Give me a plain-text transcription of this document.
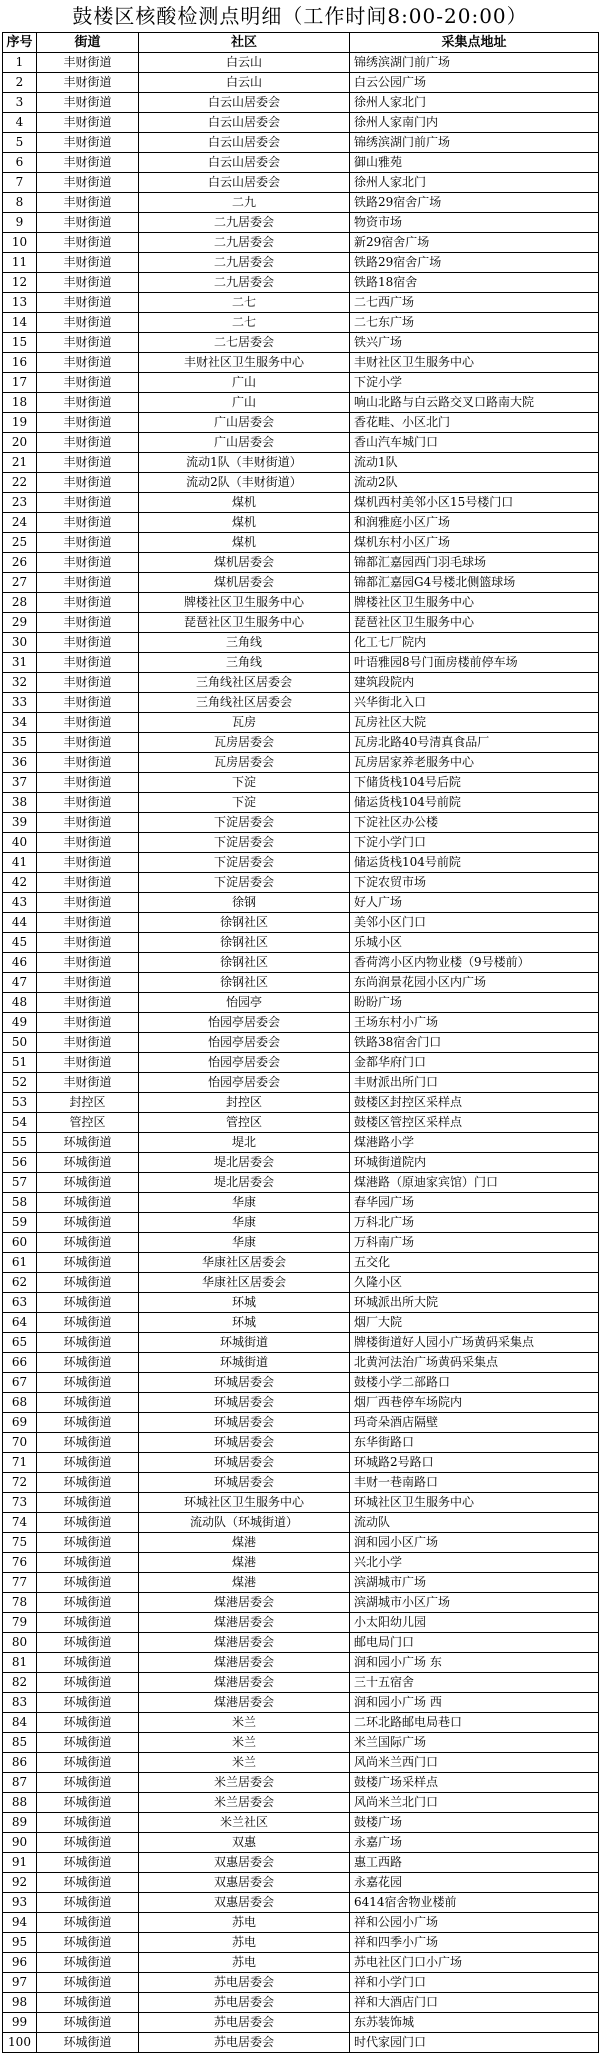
鼓楼区核酸检测点明细（工作时间8:00-20:00）
序号	街道	社区	采集点地址
1	丰财街道	白云山	锦绣滨湖门前广场
2	丰财街道	白云山	白云公园广场
3	丰财街道	白云山居委会	徐州人家北门
4	丰财街道	白云山居委会	徐州人家南门内
5	丰财街道	白云山居委会	锦绣滨湖门前广场
6	丰财街道	白云山居委会	御山雅苑
7	丰财街道	白云山居委会	徐州人家北门
8	丰财街道	二九	铁路29宿舍广场
9	丰财街道	二九居委会	物资市场
10	丰财街道	二九居委会	新29宿舍广场
11	丰财街道	二九居委会	铁路29宿舍广场
12	丰财街道	二九居委会	铁路18宿舍
13	丰财街道	二七	二七西广场
14	丰财街道	二七	二七东广场
15	丰财街道	二七居委会	铁兴广场
16	丰财街道	丰财社区卫生服务中心	丰财社区卫生服务中心
17	丰财街道	广山	下淀小学
18	丰财街道	广山	响山北路与白云路交叉口路南大院
19	丰财街道	广山居委会	香花畦、小区北门
20	丰财街道	广山居委会	香山汽车城门口
21	丰财街道	流动1队（丰财街道）	流动1队
22	丰财街道	流动2队（丰财街道）	流动2队
23	丰财街道	煤机	煤机西村美邻小区15号楼门口
24	丰财街道	煤机	和润雅庭小区广场
25	丰财街道	煤机	煤机东村小区广场
26	丰财街道	煤机居委会	锦都汇嘉园西门羽毛球场
27	丰财街道	煤机居委会	锦都汇嘉园G4号楼北侧篮球场
28	丰财街道	牌楼社区卫生服务中心	牌楼社区卫生服务中心
29	丰财街道	琵琶社区卫生服务中心	琵琶社区卫生服务中心
30	丰财街道	三角线	化工七厂院内
31	丰财街道	三角线	叶语雅园8号门面房楼前停车场
32	丰财街道	三角线社区居委会	建筑段院内
33	丰财街道	三角线社区居委会	兴华街北入口
34	丰财街道	瓦房	瓦房社区大院
35	丰财街道	瓦房居委会	瓦房北路40号清真食品厂
36	丰财街道	瓦房居委会	瓦房居家养老服务中心
37	丰财街道	下淀	下储货栈104号后院
38	丰财街道	下淀	储运货栈104号前院
39	丰财街道	下淀居委会	下淀社区办公楼
40	丰财街道	下淀居委会	下淀小学门口
41	丰财街道	下淀居委会	储运货栈104号前院
42	丰财街道	下淀居委会	下淀农贸市场
43	丰财街道	徐钢	好人广场
44	丰财街道	徐钢社区	美邻小区门口
45	丰财街道	徐钢社区	乐城小区
46	丰财街道	徐钢社区	香荷湾小区内物业楼（9号楼前）
47	丰财街道	徐钢社区	东尚润景花园小区内广场
48	丰财街道	怡园亭	盼盼广场
49	丰财街道	怡园亭居委会	王场东村小广场
50	丰财街道	怡园亭居委会	铁路38宿舍门口
51	丰财街道	怡园亭居委会	金都华府门口
52	丰财街道	怡园亭居委会	丰财派出所门口
53	封控区	封控区	鼓楼区封控区采样点
54	管控区	管控区	鼓楼区管控区采样点
55	环城街道	堤北	煤港路小学
56	环城街道	堤北居委会	环城街道院内
57	环城街道	堤北居委会	煤港路（原迪家宾馆）门口
58	环城街道	华康	春华园广场
59	环城街道	华康	万科北广场
60	环城街道	华康	万科南广场
61	环城街道	华康社区居委会	五交化
62	环城街道	华康社区居委会	久隆小区
63	环城街道	环城	环城派出所大院
64	环城街道	环城	烟厂大院
65	环城街道	环城街道	牌楼街道好人园小广场黄码采集点
66	环城街道	环城街道	北黄河法治广场黄码采集点
67	环城街道	环城居委会	鼓楼小学二部路口
68	环城街道	环城居委会	烟厂西巷停车场院内
69	环城街道	环城居委会	玛奇朵酒店隔壁
70	环城街道	环城居委会	东华街路口
71	环城街道	环城居委会	环城路2号路口
72	环城街道	环城居委会	丰财一巷南路口
73	环城街道	环城社区卫生服务中心	环城社区卫生服务中心
74	环城街道	流动队（环城街道）	流动队
75	环城街道	煤港	润和园小区广场
76	环城街道	煤港	兴北小学
77	环城街道	煤港	滨湖城市广场
78	环城街道	煤港居委会	滨湖城市小区广场
79	环城街道	煤港居委会	小太阳幼儿园
80	环城街道	煤港居委会	邮电局门口
81	环城街道	煤港居委会	润和园小广场 东
82	环城街道	煤港居委会	三十五宿舍
83	环城街道	煤港居委会	润和园小广场 西
84	环城街道	米兰	二环北路邮电局巷口
85	环城街道	米兰	米兰国际广场
86	环城街道	米兰	风尚米兰西门口
87	环城街道	米兰居委会	鼓楼广场采样点
88	环城街道	米兰居委会	风尚米兰北门口
89	环城街道	米兰社区	鼓楼广场
90	环城街道	双惠	永嘉广场
91	环城街道	双惠居委会	惠工西路
92	环城街道	双惠居委会	永嘉花园
93	环城街道	双惠居委会	6414宿舍物业楼前
94	环城街道	苏电	祥和公园小广场
95	环城街道	苏电	祥和四季小广场
96	环城街道	苏电	苏电社区门口小广场
97	环城街道	苏电居委会	祥和小学门口
98	环城街道	苏电居委会	祥和大酒店门口
99	环城街道	苏电居委会	东苏装饰城
100	环城街道	苏电居委会	时代家园门口
